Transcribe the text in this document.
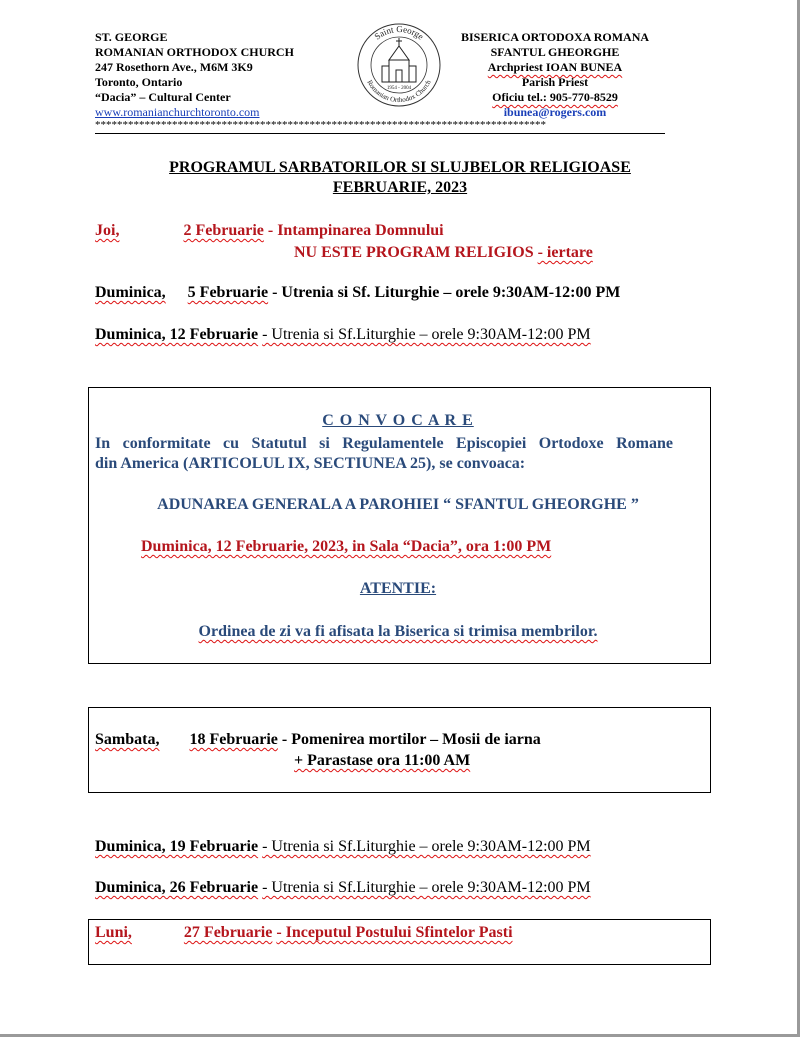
ST. GEORGE
ROMANIAN ORTHODOX CHURCH
247 Rosethorn Ave., M6M 3K9
Toronto, Ontario
“Dacia” – Cultural Center
www.romanianchurchtoronto.com
Saint George
Romanian Orthodox Church
1954 - 2004
BISERICA ORTODOXA ROMANA
SFANTUL GHEORGHE
Archpriest IOAN BUNEA
Parish Priest
Oficiu tel.: 905-770-8529
ibunea@rogers.com
**********************************************************************************
PROGRAMUL SARBATORILOR SI SLUJBELOR RELIGIOASE
FEBRUARIE, 2023
Joi,	2 Februarie - Intampinarea Domnului
NU ESTE PROGRAM RELIGIOS - iertare
Duminica, 5 Februarie - Utrenia si Sf. Liturghie – orele 9:30AM-12:00 PM
Duminica, 12 Februarie - Utrenia si Sf.Liturghie – orele 9:30AM-12:00 PM
C O N V O C A R E
In conformitate cu Statutul si Regulamentele Episcopiei Ortodoxe Romane
din America (ARTICOLUL IX, SECTIUNEA 25), se convoaca:
ADUNAREA GENERALA A PAROHIEI “ SFANTUL GHEORGHE ”
Duminica, 12 Februarie, 2023, in Sala “Dacia”, ora 1:00 PM
ATENTIE:
Ordinea de zi va fi afisata la Biserica si trimisa membrilor.
Sambata, 18 Februarie - Pomenirea mortilor – Mosii de iarna
+ Parastase ora 11:00 AM
Duminica, 19 Februarie - Utrenia si Sf.Liturghie – orele 9:30AM-12:00 PM
Duminica, 26 Februarie - Utrenia si Sf.Liturghie – orele 9:30AM-12:00 PM
Luni,	27 Februarie - Inceputul Postului Sfintelor Pasti
